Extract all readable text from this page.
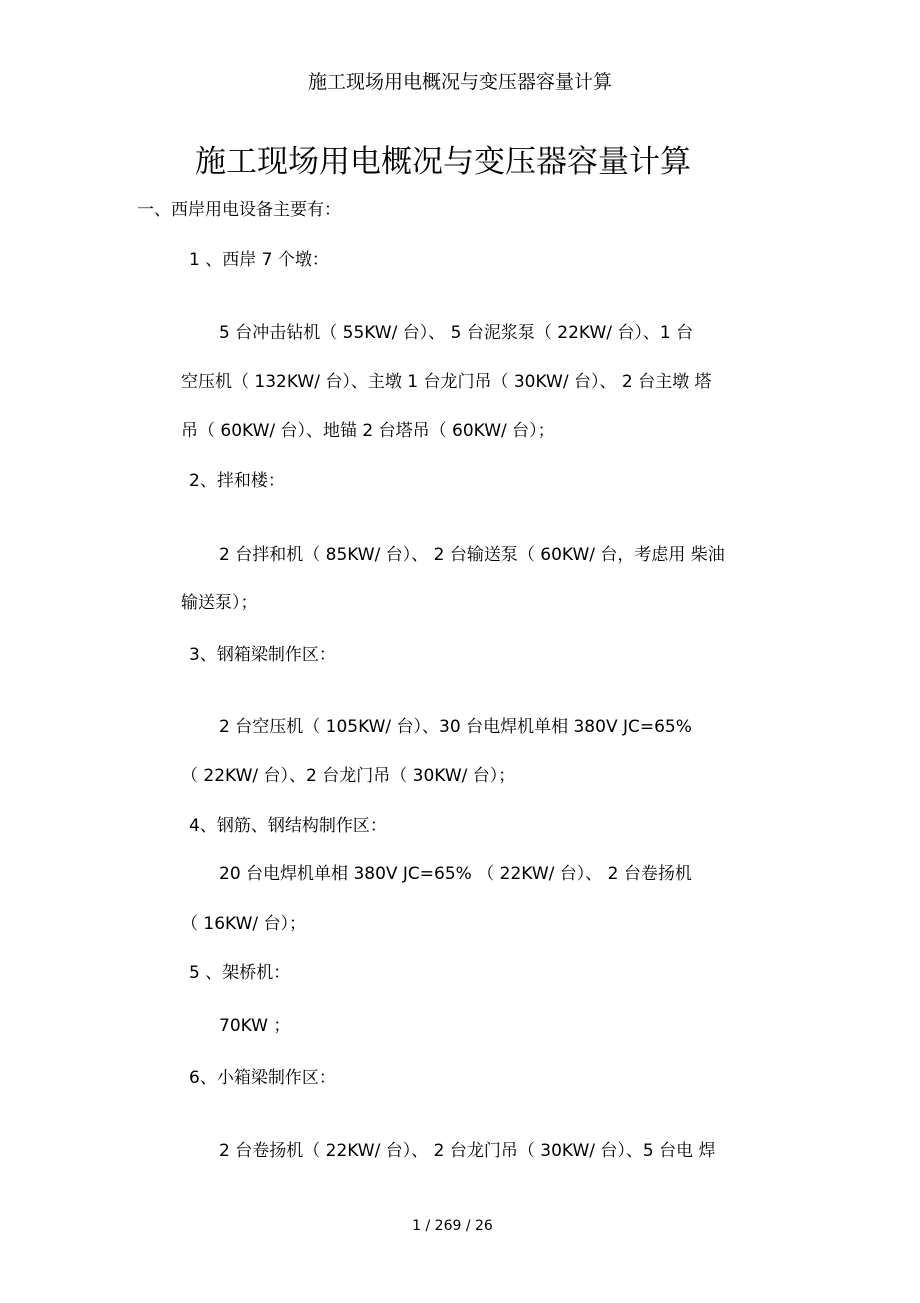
施工现场用电概况与变压器容量计算
施工现场用电概况与变压器容量计算
一、西岸用电设备主要有：
1 、西岸 7 个墩：
5 台冲击钻机（ 55KW/ 台）、 5 台泥浆泵（ 22KW/ 台）、1 台
空压机（ 132KW/ 台）、主墩 1 台龙门吊（ 30KW/ 台）、 2 台主墩 塔
吊（ 60KW/ 台）、地锚 2 台塔吊（ 60KW/ 台）；
2、拌和楼：
2 台拌和机（ 85KW/ 台）、 2 台输送泵（ 60KW/ 台，考虑用 柴油
输送泵）；
3、钢箱梁制作区：
2 台空压机（ 105KW/ 台）、30 台电焊机单相 380V JC=65%
（ 22KW/ 台）、2 台龙门吊（ 30KW/ 台）；
4、钢筋、钢结构制作区：
20 台电焊机单相 380V JC=65% （ 22KW/ 台）、 2 台卷扬机
（ 16KW/ 台）；
5 、架桥机：
70KW ；
6、小箱梁制作区：
2 台卷扬机（ 22KW/ 台）、 2 台龙门吊（ 30KW/ 台）、5 台电 焊
1 / 269 / 26
